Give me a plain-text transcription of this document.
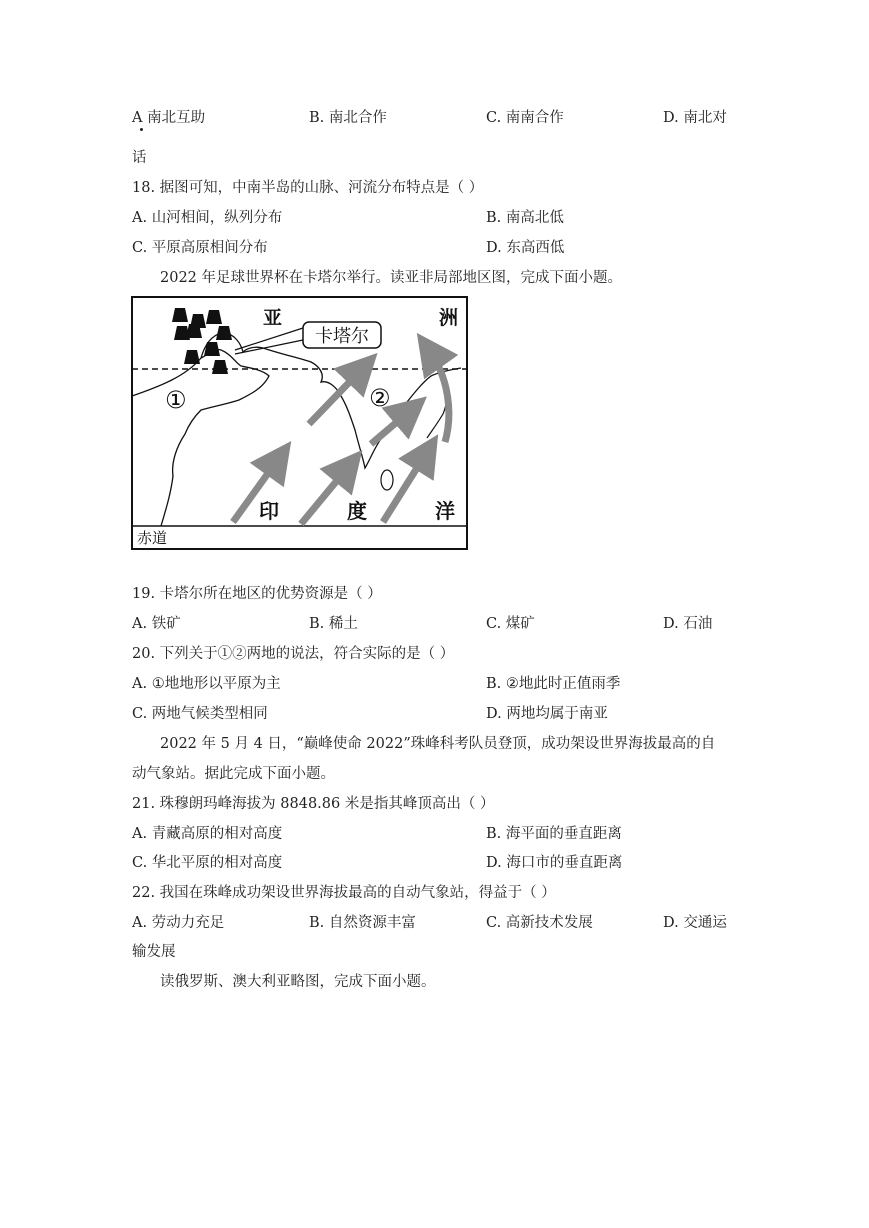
A 南北互助	B. 南北合作	C. 南南合作	D. 南北对
话
18. 据图可知，中南半岛的山脉、河流分布特点是（ ）
A. 山河相间，纵列分布	B. 南高北低
C. 平原高原相间分布	D. 东高西低
2022 年足球世界杯在卡塔尔举行。读亚非局部地区图，完成下面小题。
卡塔尔
亚	洲
①	②
印	度	洋
赤道
19. 卡塔尔所在地区的优势资源是（ ）
A. 铁矿	B. 稀土	C. 煤矿	D. 石油
20. 下列关于①②两地的说法，符合实际的是（ ）
A. ①地地形以平原为主	B. ②地此时正值雨季
C. 两地气候类型相同	D. 两地均属于南亚
2022 年 5 月 4 日，“巅峰使命 2022”珠峰科考队员登顶，成功架设世界海拔最高的自
动气象站。据此完成下面小题。
21. 珠穆朗玛峰海拔为 8848.86 米是指其峰顶高出（ ）
A. 青藏高原的相对高度	B. 海平面的垂直距离
C. 华北平原的相对高度	D. 海口市的垂直距离
22. 我国在珠峰成功架设世界海拔最高的自动气象站，得益于（ ）
A. 劳动力充足	B. 自然资源丰富	C. 高新技术发展	D. 交通运
输发展
读俄罗斯、澳大利亚略图，完成下面小题。
